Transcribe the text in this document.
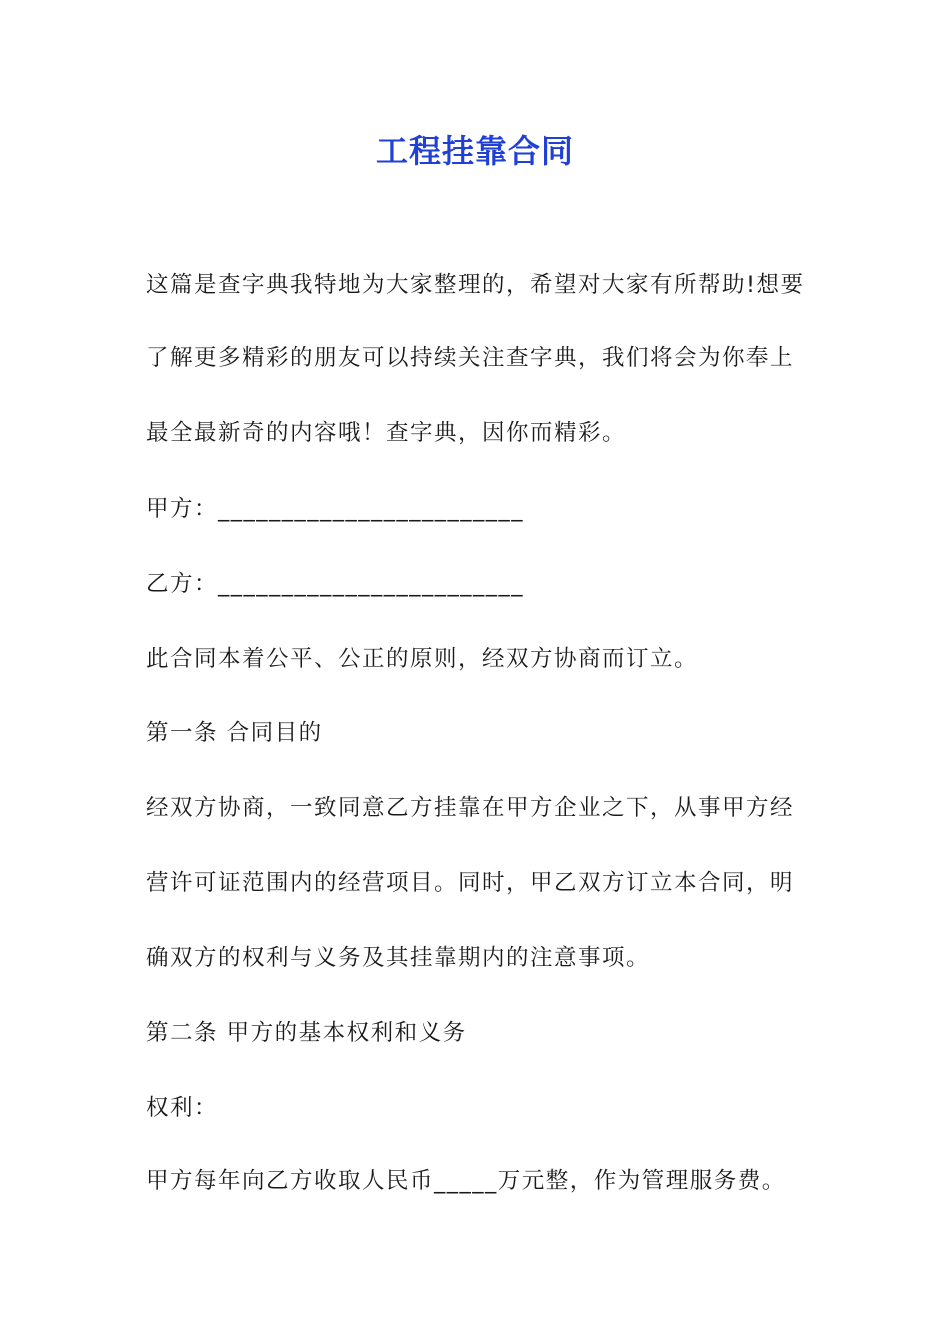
工程挂靠合同
这篇是查字典我特地为大家整理的，希望对大家有所帮助!想要
了解更多精彩的朋友可以持续关注查字典，我们将会为你奉上
最全最新奇的内容哦！查字典，因你而精彩。
甲方：________________________
乙方：________________________
此合同本着公平、公正的原则，经双方协商而订立。
第一条 合同目的
经双方协商，一致同意乙方挂靠在甲方企业之下，从事甲方经
营许可证范围内的经营项目。同时，甲乙双方订立本合同，明
确双方的权利与义务及其挂靠期内的注意事项。
第二条 甲方的基本权利和义务
权利：
甲方每年向乙方收取人民币_____万元整，作为管理服务费。
